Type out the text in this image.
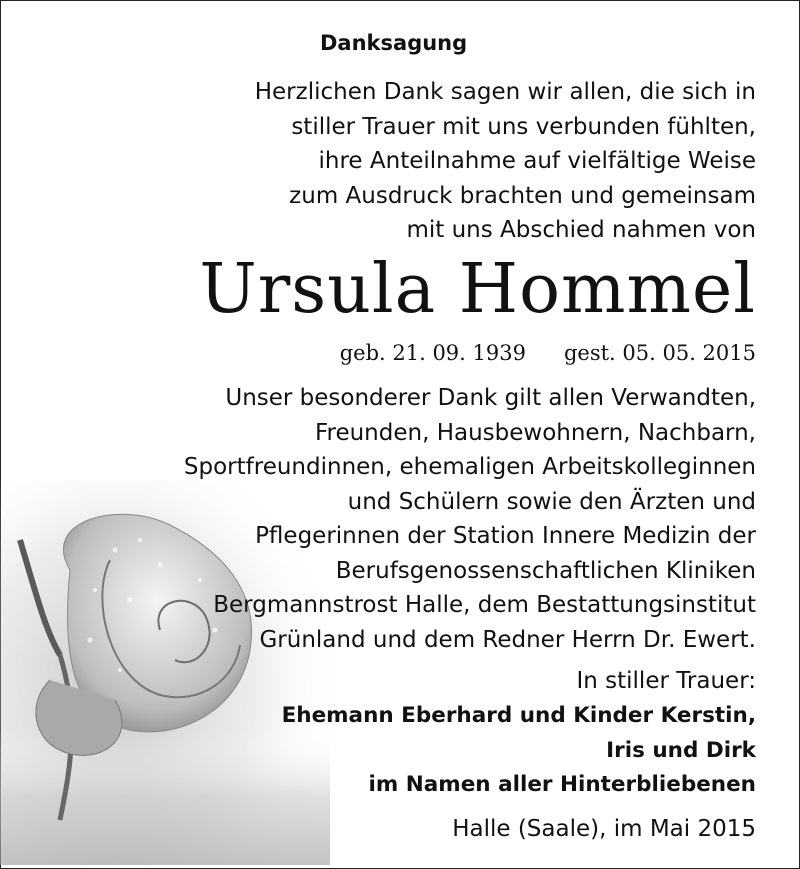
Danksagung
Herzlichen Dank sagen wir allen, die sich in
stiller Trauer mit uns verbunden fühlten,
ihre Anteilnahme auf vielfältige Weise
zum Ausdruck brachten und gemeinsam
mit uns Abschied nahmen von
Ursula Hommel
geb. 21. 09. 1939 gest. 05. 05. 2015
Unser besonderer Dank gilt allen Verwandten,
Freunden, Hausbewohnern, Nachbarn,
Sportfreundinnen, ehemaligen Arbeitskolleginnen
und Schülern sowie den Ärzten und
Pflegerinnen der Station Innere Medizin der
Berufsgenossenschaftlichen Kliniken
Bergmannstrost Halle, dem Bestattungsinstitut
Grünland und dem Redner Herrn Dr. Ewert.
In stiller Trauer:
Ehemann Eberhard und Kinder Kerstin,
Iris und Dirk
im Namen aller Hinterbliebenen
Halle (Saale), im Mai 2015
